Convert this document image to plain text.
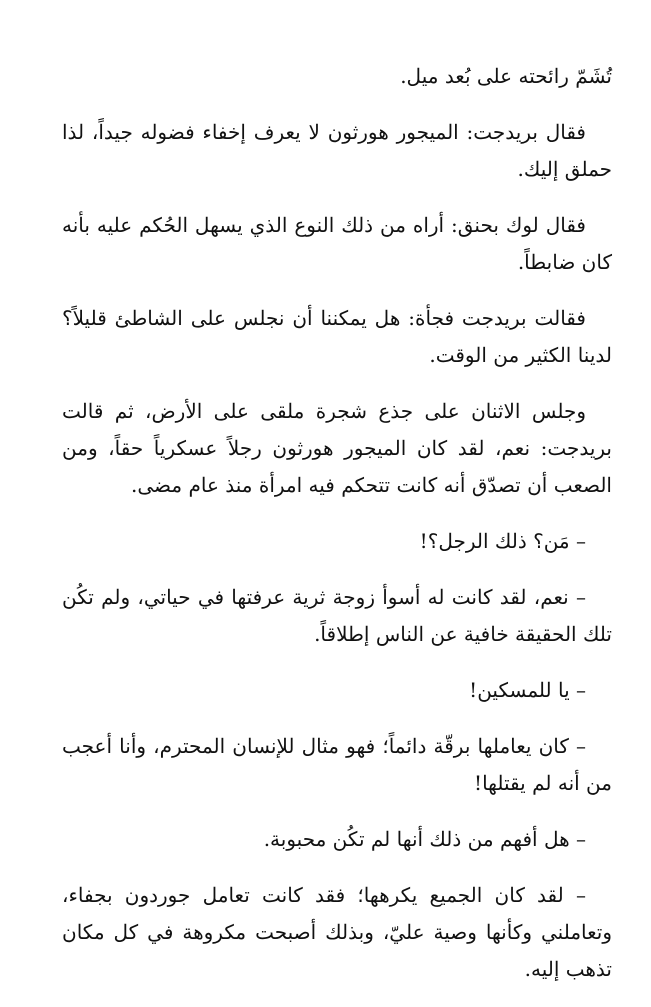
تُشَمّ رائحته على بُعد ميل.

فقال بريدجت: الميجور هورثون لا يعرف إخفاء فضوله جيداً، لذا حملق إليك.

فقال لوك بحنق: أراه من ذلك النوع الذي يسهل الحُكم عليه بأنه كان ضابطاً.

فقالت بريدجت فجأة: هل يمكننا أن نجلس على الشاطئ قليلاً؟ لدينا الكثير من الوقت.

وجلس الاثنان على جذع شجرة ملقى على الأرض، ثم قالت بريدجت: نعم، لقد كان الميجور هورثون رجلاً عسكرياً حقاً، ومن الصعب أن تصدّق أنه كانت تتحكم فيه امرأة منذ عام مضى.

– مَن؟ ذلك الرجل؟!

– نعم، لقد كانت له أسوأ زوجة ثرية عرفتها في حياتي، ولم تكُن تلك الحقيقة خافية عن الناس إطلاقاً.

– يا للمسكين!

– كان يعاملها برقّة دائماً؛ فهو مثال للإنسان المحترم، وأنا أعجب من أنه لم يقتلها!

– هل أفهم من ذلك أنها لم تكُن محبوبة.

– لقد كان الجميع يكرهها؛ فقد كانت تعامل جوردون بجفاء، وتعاملني وكأنها وصية عليّ، وبذلك أصبحت مكروهة في كل مكان تذهب إليه.
